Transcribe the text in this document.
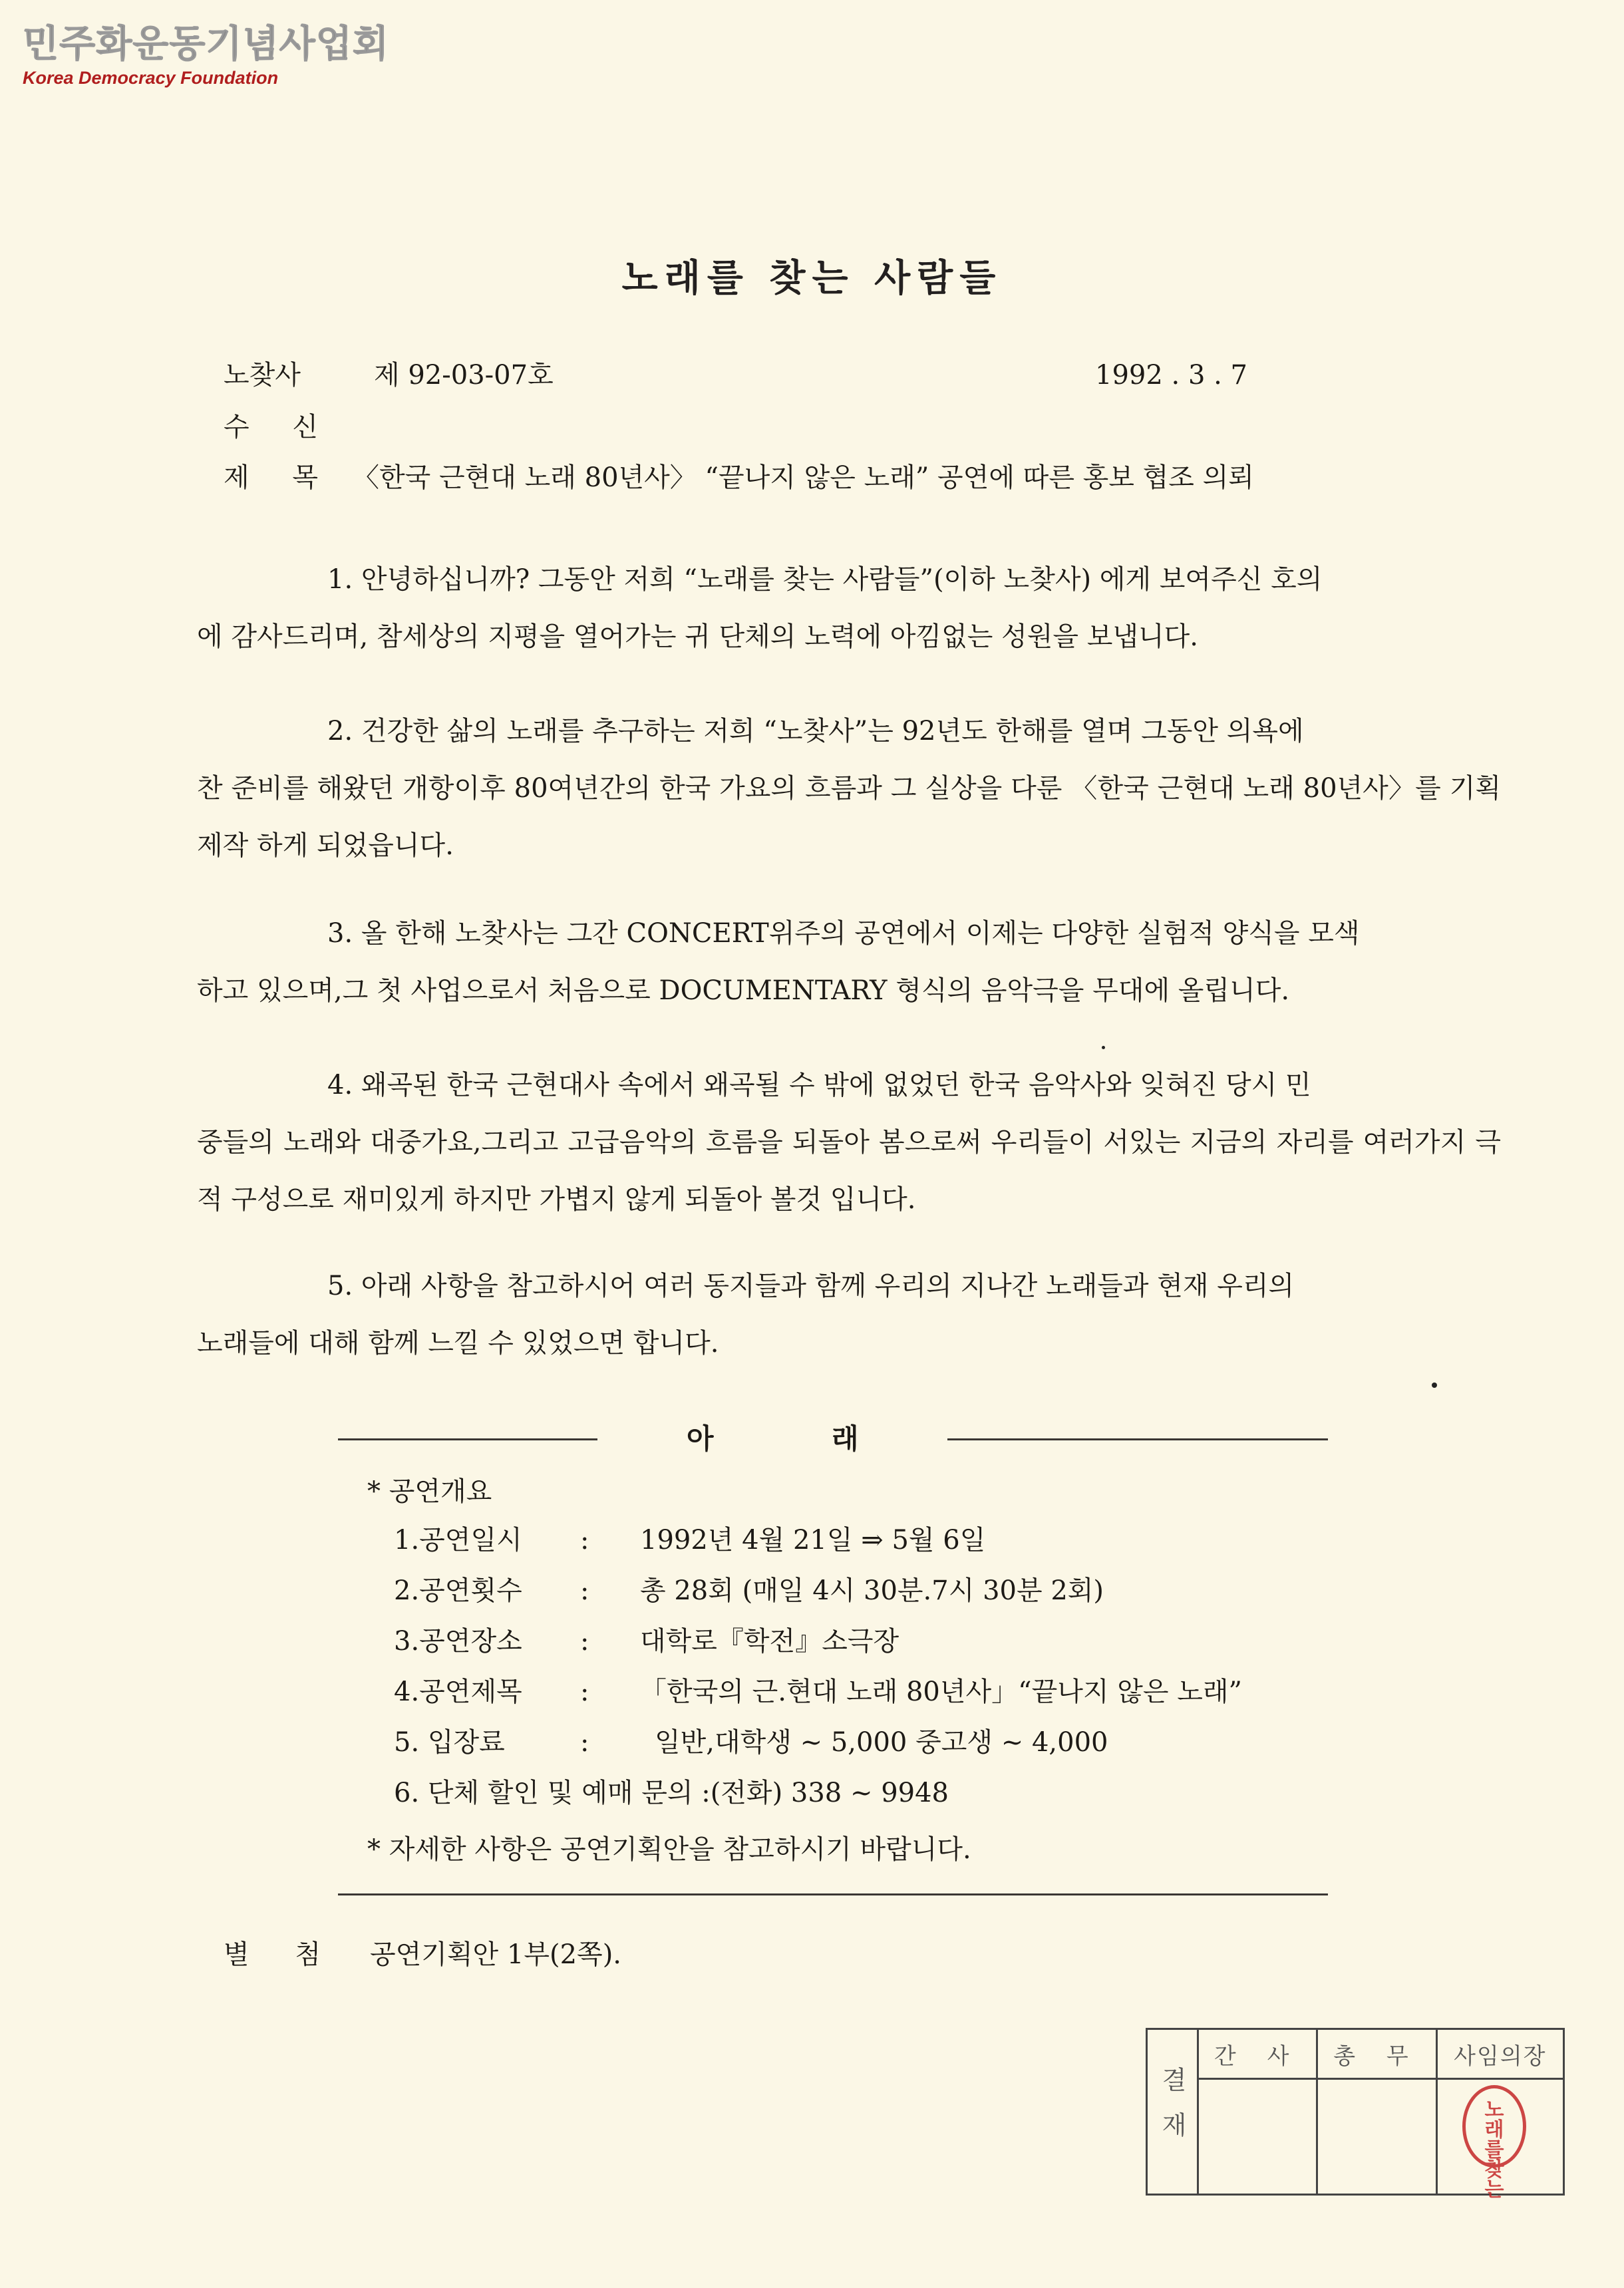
민주화운동기념사업회
Korea Democracy Foundation
노래를 찾는 사람들
노찾사	제 92-03-07호	1992 . 3 . 7
수 신
제 목 〈한국 근현대 노래 80년사〉 “끝나지 않은 노래” 공연에 따른 홍보 협조 의뢰
1. 안녕하십니까? 그동안 저희 “노래를 찾는 사람들”(이하 노찾사) 에게 보여주신 호의
에 감사드리며, 참세상의 지평을 열어가는 귀 단체의 노력에 아낌없는 성원을 보냅니다.
2. 건강한 삶의 노래를 추구하는 저희 “노찾사”는 92년도 한해를 열며 그동안 의욕에
찬 준비를 해왔던 개항이후 80여년간의 한국 가요의 흐름과 그 실상을 다룬 〈한국 근현대 노래 80년사〉를 기획 제작 하게 되었읍니다.
3. 올 한해 노찾사는 그간 CONCERT위주의 공연에서 이제는 다양한 실험적 양식을 모색
하고 있으며,그 첫 사업으로서 처음으로 DOCUMENTARY 형식의 음악극을 무대에 올립니다.
4. 왜곡된 한국 근현대사 속에서 왜곡될 수 밖에 없었던 한국 음악사와 잊혀진 당시 민
중들의 노래와 대중가요,그리고 고급음악의 흐름을 되돌아 봄으로써 우리들이 서있는 지금의 자리를 여러가지 극적 구성으로 재미있게 하지만 가볍지 않게 되돌아 볼것 입니다.
5. 아래 사항을 참고하시어 여러 동지들과 함께 우리의 지나간 노래들과 현재 우리의
노래들에 대해 함께 느낄 수 있었으면 합니다.
아	래
* 공연개요
1.공연일시 : 1992년 4월 21일 ⇒ 5월 6일
2.공연횟수 : 총 28회 (매일 4시 30분.7시 30분 2회)
3.공연장소 : 대학로『학전』소극장
4.공연제목 : 「한국의 근.현대 노래 80년사」“끝나지 않은 노래”
5. 입장료	: 일반,대학생 ~ 5,000 중고생 ~ 4,000
6. 단체 할인 및 예매 문의 :(전화) 338 ~ 9948
* 자세한 사항은 공연기획안을 참고하시기 바랍니다.
별 첨 공연기획안 1부(2쪽).
결재	간 사	총 무	사임의장

노래를찾는
